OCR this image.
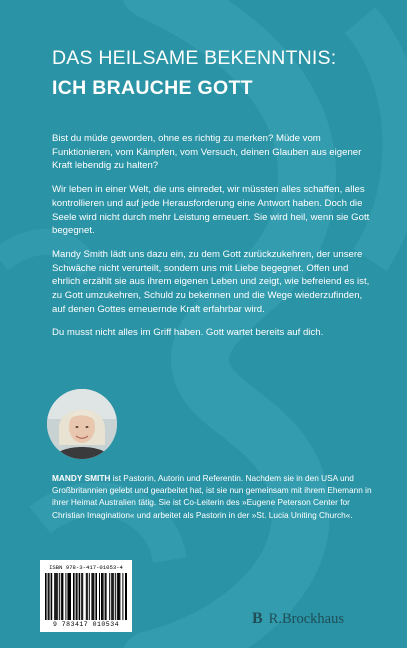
DAS HEILSAME BEKENNTNIS:
ICH BRAUCHE GOTT

Bist du müde geworden, ohne es richtig zu merken? Müde vom Funktionieren, vom Kämpfen, vom Versuch, deinen Glauben aus eigener Kraft lebendig zu halten?

Wir leben in einer Welt, die uns einredet, wir müssten alles schaffen, alles kontrollieren und auf jede Herausforderung eine Antwort haben. Doch die Seele wird nicht durch mehr Leistung erneuert. Sie wird heil, wenn sie Gott begegnet.

Mandy Smith lädt uns dazu ein, zu dem Gott zurückzukehren, der unsere Schwäche nicht verurteilt, sondern uns mit Liebe begegnet. Offen und ehrlich erzählt sie aus ihrem eigenen Leben und zeigt, wie befreiend es ist, zu Gott umzukehren, Schuld zu bekennen und die Wege wiederzufinden, auf denen Gottes erneuernde Kraft erfahrbar wird.

Du musst nicht alles im Griff haben. Gott wartet bereits auf dich.

MANDY SMITH ist Pastorin, Autorin und Referentin. Nachdem sie in den USA und Großbritannien gelebt und gearbeitet hat, ist sie nun gemeinsam mit ihrem Ehemann in ihrer Heimat Australien tätig. Sie ist Co-Leiterin des »Eugene Peterson Center for Christian Imagination« und arbeitet als Pastorin in der »St. Lucia Uniting Church«.
ISBN 978-3-417-01053-4
9 783417 010534	B R.Brockhaus
